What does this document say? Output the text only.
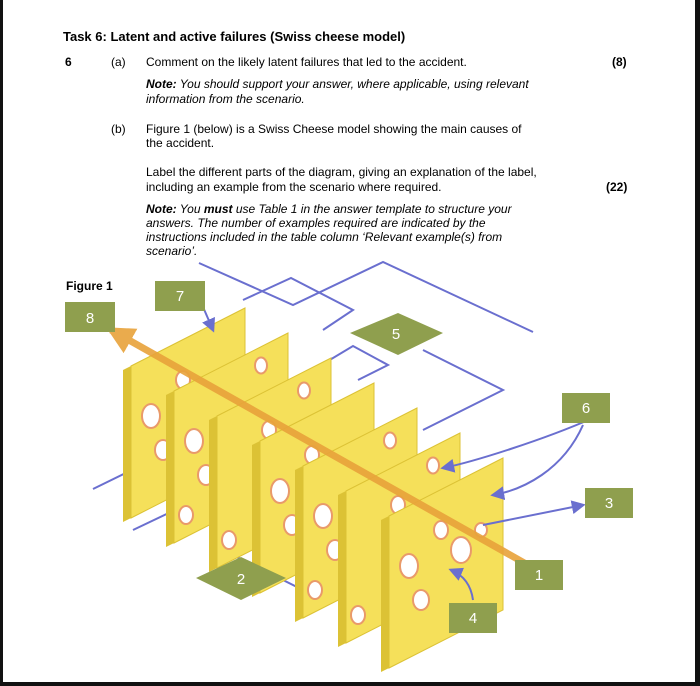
Task 6: Latent and active failures (Swiss cheese model)
6	(a) Comment on the likely latent failures that led to the accident.	(8)
Note: You should support your answer, where applicable, using relevant
information from the scenario.
(b) Figure 1 (below) is a Swiss Cheese model showing the main causes of
the accident.
Label the different parts of the diagram, giving an explanation of the label,
including an example from the scenario where required.	(22)
Note: You must use Table 1 in the answer template to structure your
answers. The number of examples required are indicated by the
instructions included in the table column ‘Relevant example(s) from
scenario’.
Figure 1
7
8
5
6
3
1
2
4
